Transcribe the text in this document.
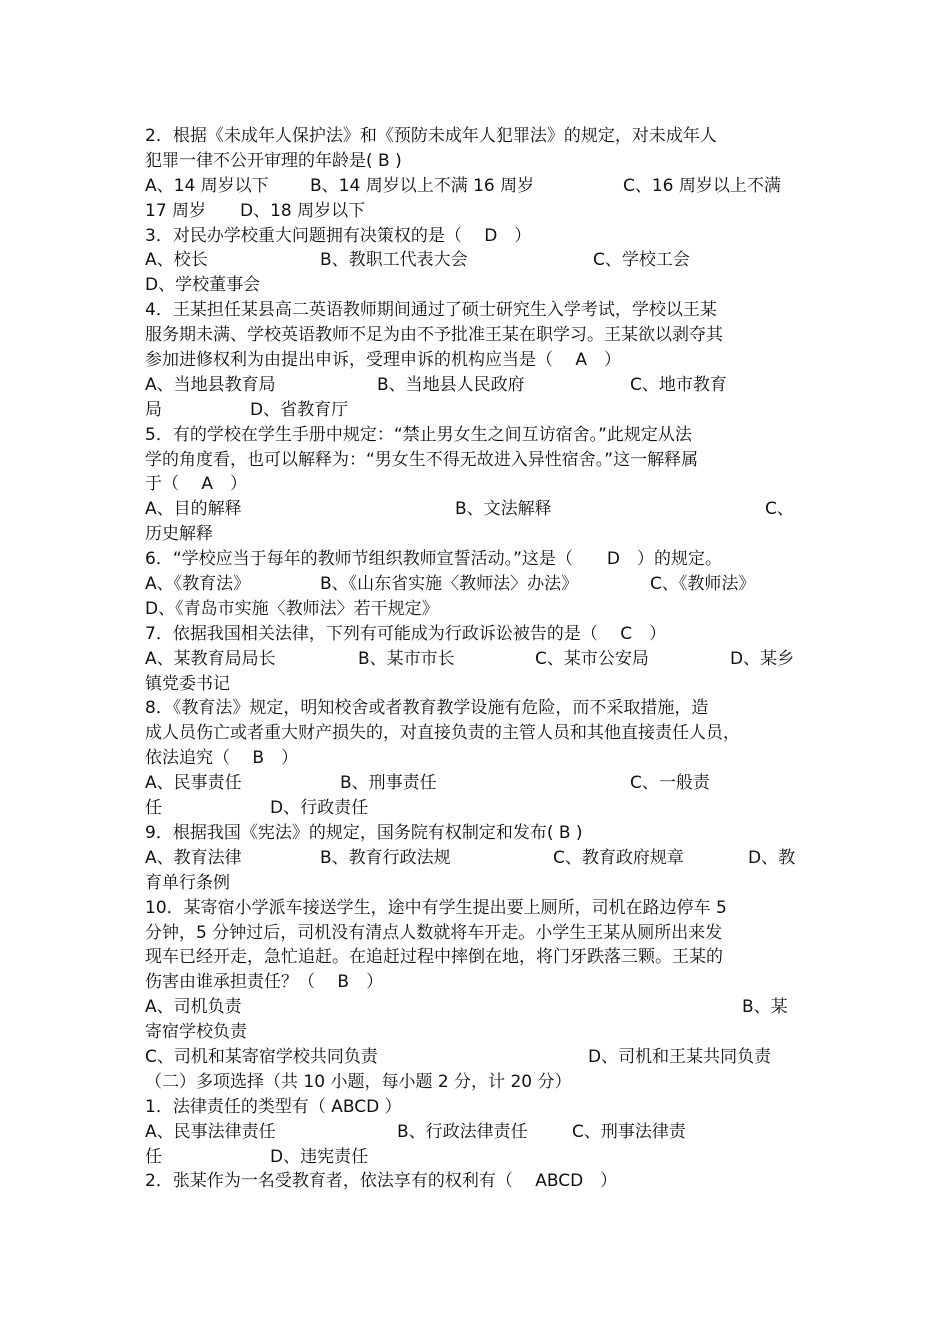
2．根据《未成年人保护法》和《预防未成年人犯罪法》的规定，对未成年人
犯罪一律不公开审理的年龄是( B )
A、14 周岁以下 B、14 周岁以上不满 16 周岁	C、16 周岁以上不满
17 周岁 D、18 周岁以下
3．对民办学校重大问题拥有决策权的是（　 D　）
A、校长	B、教职工代表大会	C、学校工会
D、学校董事会
4．王某担任某县高二英语教师期间通过了硕士研究生入学考试，学校以王某
服务期未满、学校英语教师不足为由不予批准王某在职学习。王某欲以剥夺其
参加进修权利为由提出申诉，受理申诉的机构应当是（　 A　）
A、当地县教育局	B、当地县人民政府	C、地市教育
局	D、省教育厅
5．有的学校在学生手册中规定：“禁止男女生之间互访宿舍。”此规定从法
学的角度看，也可以解释为：“男女生不得无故进入异性宿舍。”这一解释属
于（　 A　）
A、目的解释	B、文法解释	C、
历史解释
6．“学校应当于每年的教师节组织教师宣誓活动。”这是（　　D　）的规定。
A、《教育法》	B、《山东省实施〈教师法〉办法》	C、《教师法》
D、《青岛市实施〈教师法〉若干规定》
7．依据我国相关法律，下列有可能成为行政诉讼被告的是（　 C　）
A、某教育局局长	B、某市市长	C、某市公安局	D、某乡
镇党委书记
8．《教育法》规定，明知校舍或者教育教学设施有危险，而不采取措施，造
成人员伤亡或者重大财产损失的，对直接负责的主管人员和其他直接责任人员，
依法追究（　 B　）
A、民事责任	B、刑事责任	C、一般责
任	D、行政责任
9．根据我国《宪法》的规定，国务院有权制定和发布( B )
A、教育法律	B、教育行政法规	C、教育政府规章	D、教
育单行条例
10．某寄宿小学派车接送学生，途中有学生提出要上厕所，司机在路边停车 5
分钟，5 分钟过后，司机没有清点人数就将车开走。小学生王某从厕所出来发
现车已经开走，急忙追赶。在追赶过程中摔倒在地，将门牙跌落三颗。王某的
伤害由谁承担责任？（　 B　）
A、司机负责	B、某
寄宿学校负责
C、司机和某寄宿学校共同负责	D、司机和王某共同负责
（二）多项选择（共 10 小题，每小题 2 分，计 20 分）
1．法律责任的类型有（ ABCD ）
A、民事法律责任	B、行政法律责任	C、刑事法律责
任	D、违宪责任
2．张某作为一名受教育者，依法享有的权利有（　 ABCD　）
